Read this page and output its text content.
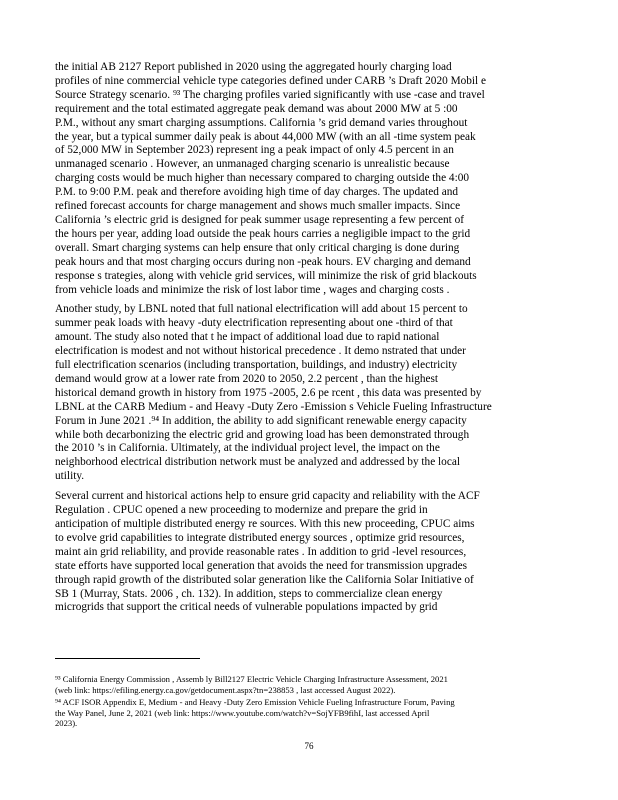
the initial AB 2127 Report published in 2020 using the aggregated hourly charging load
profiles of nine commercial vehicle type categories defined under CARB ’s Draft 2020 Mobil e
Source Strategy scenario. ⁹³ The charging profiles varied significantly with use -case and travel
requirement and the total estimated aggregate peak demand was about 2000 MW at 5 :00
P.M., without any smart charging assumptions. California ’s grid demand varies throughout
the year, but a typical summer daily peak is about 44,000 MW (with an all -time system peak
of 52,000 MW in September 2023) represent ing a peak impact of only 4.5 percent in an
unmanaged scenario . However, an unmanaged charging scenario is unrealistic because
charging costs would be much higher than necessary compared to charging outside the 4:00
P.M. to 9:00 P.M. peak and therefore avoiding high time of day charges. The updated and
refined forecast accounts for charge management and shows much smaller impacts. Since
California ’s electric grid is designed for peak summer usage representing a few percent of
the hours per year, adding load outside the peak hours carries a negligible impact to the grid
overall. Smart charging systems can help ensure that only critical charging is done during
peak hours and that most charging occurs during non -peak hours. EV charging and demand
response s trategies, along with vehicle grid services, will minimize the risk of grid blackouts
from vehicle loads and minimize the risk of lost labor time , wages and charging costs .
Another study, by LBNL noted that full national electrification will add about 15 percent to
summer peak loads with heavy -duty electrification representing about one -third of that
amount. The study also noted that t he impact of additional load due to rapid national
electrification is modest and not without historical precedence . It demo nstrated that under
full electrification scenarios (including transportation, buildings, and industry) electricity
demand would grow at a lower rate from 2020 to 2050, 2.2 percent , than the highest
historical demand growth in history from 1975 -2005, 2.6 pe rcent , this data was presented by
LBNL at the CARB Medium - and Heavy -Duty Zero -Emission s Vehicle Fueling Infrastructure
Forum in June 2021 .⁹⁴ In addition, the ability to add significant renewable energy capacity
while both decarbonizing the electric grid and growing load has been demonstrated through
the 2010 ’s in California. Ultimately, at the individual project level, the impact on the
neighborhood electrical distribution network must be analyzed and addressed by the local
utility.
Several current and historical actions help to ensure grid capacity and reliability with the ACF
Regulation . CPUC opened a new proceeding to modernize and prepare the grid in
anticipation of multiple distributed energy re sources. With this new proceeding, CPUC aims
to evolve grid capabilities to integrate distributed energy sources , optimize grid resources,
maint ain grid reliability, and provide reasonable rates . In addition to grid -level resources,
state efforts have supported local generation that avoids the need for transmission upgrades
through rapid growth of the distributed solar generation like the California Solar Initiative of
SB 1 (Murray, Stats. 2006 , ch. 132). In addition, steps to commercialize clean energy
microgrids that support the critical needs of vulnerable populations impacted by grid
⁹³ California Energy Commission , Assemb ly Bill2127 Electric Vehicle Charging Infrastructure Assessment, 2021
(web link: https://efiling.energy.ca.gov/getdocument.aspx?tn=238853 , last accessed August 2022).
⁹⁴ ACF ISOR Appendix E, Medium - and Heavy -Duty Zero Emission Vehicle Fueling Infrastructure Forum, Paving
the Way Panel, June 2, 2021 (web link: https://www.youtube.com/watch?v=SojYFB9fihI, last accessed April
2023).
76
